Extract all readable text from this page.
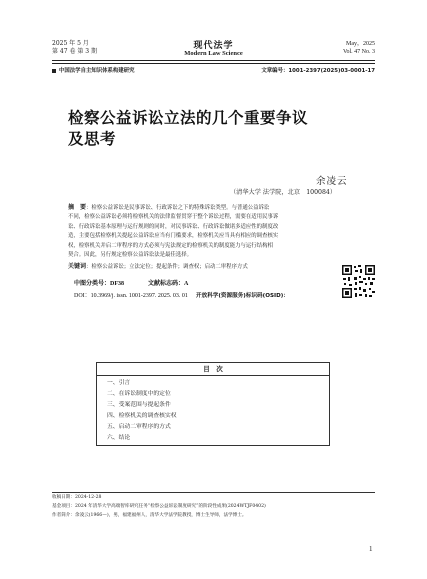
2025 年 5 月
第 47 卷 第 3 期
现代法学
Modern Law Science
May，2025
Vol. 47 No. 3
中国法学自主知识体系构建研究	文章编号：1001-2397(2025)03-0001-17
检察公益诉讼立法的几个重要争议
及思考
余凌云
（清华大学 法学院，北京　100084）
摘　要：检察公益诉讼是民事诉讼、行政诉讼之下的特殊诉讼类型。与普通公益诉讼
不同，检察公益诉讼必须将检察机关的法律监督贯穿于整个诉讼过程，需要在适用民事诉
讼、行政诉讼基本原理与运行规则的同时，对民事诉讼、行政诉讼做诸多适应性的制度改
造，主要包括检察机关提起公益诉讼应当有门槛要求，检察机关应当具有相应的调查核实
权，检察机关并启二审程序的方式必须与宪法规定的检察机关的制度能力与运行结构相
契合。因此，另行规定检察公益诉讼法是最佳选择。
关键词：检察公益诉讼；立法定位；提起条件；调查权；启动二审程序方式
中图分类号：DF38	文献标志码：A
DOI：10.3969/j. issn. 1001-2397. 2025. 03. 01 开放科学(资源服务)标识码(OSID)：
目　次
一、引言
二、在诉讼制度中的定位
三、受案范围与提起条件
四、检察机关的调查核实权
五、启动二审程序的方式
六、结论
收稿日期：2024-12-28
基金项目：2024 年清华大学高端智库研究任务“检察公益诉讼制度研究”的阶段性成果(2024WTJF0402)
作者简介：余凌云(1966—)，男，福建福州人，清华大学法学院教授，博士生导师，法学博士。
1
